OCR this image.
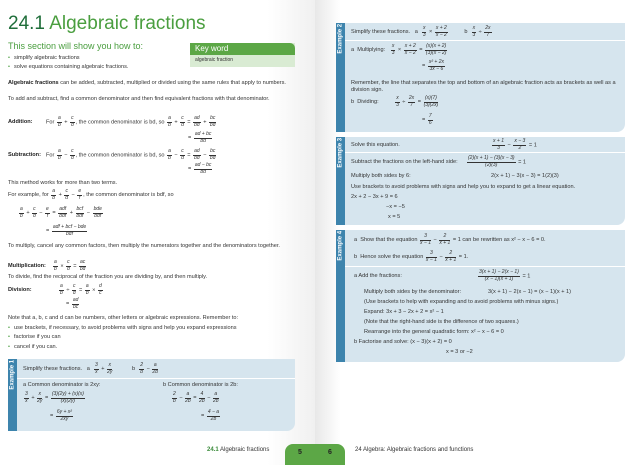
24.1 Algebraic fractions
This section will show you how to:
• simplify algebraic fractions
• solve equations containing algebraic fractions.
Key word
algebraic fraction
Algebraic fractions can be added, subtracted, multiplied or divided using the same rules that apply to numbers.
To add and subtract, find a common denominator and then find equivalent fractions with that denominator.
Addition:	For $\frac{a}{b} + \frac{c}{d}$ , the common denominator is bd, so $\frac{a}{b} + \frac{c}{d} = \frac{ad}{bd} + \frac{bc}{bd}$
= $\frac{ad + bc}{bd}$
Subtraction: For $\frac{a}{b} - \frac{c}{d}$ , the common denominator is bd, so $\frac{a}{b} - \frac{c}{d} = \frac{ad}{bd} - \frac{bc}{bd}$
= $\frac{ad - bc}{bd}$
This method works for more than two terms.
For example, for $\frac{a}{b} + \frac{c}{d} - \frac{e}{f}$ , the common denominator is bdf, so
$\frac{a}{b} + \frac{c}{d} - \frac{e}{f} = \frac{\text{adf}}{\text{bdf}} + \frac{\text{bcf}}{\text{bdf}} - \frac{\text{bde}}{\text{bdf}}$
= $\frac{\text{adf + bcf − bde}}{\text{bdf}}$
To multiply, cancel any common factors, then multiply the numerators together and the denominators together.
Multiplication:	$\frac{a}{b} \times \frac{c}{d} = \frac{ac}{bd}$
To divide, find the reciprocal of the fraction you are dividing by, and then multiply.
Division:	$\frac{a}{b} \div \frac{c}{d} = \frac{a}{b} \times \frac{d}{c}$
= $\frac{ad}{bc}$
Note that a, b, c and d can be numbers, other letters or algebraic expressions. Remember to:
• use brackets, if necessary, to avoid problems with signs and help you expand expressions
• factorise if you can
• cancel if you can.
Example 1 Simplify these fractions.   a $\frac{3}{x} + \frac{x}{2y}$ b $\frac{2}{b} - \frac{a}{2b}$
a Common denominator is 2xy:
$\frac{3}{x} + \frac{x}{2y} = \frac{(3)(2y) + (x)(x)}{(x)(2y)}$
= $\frac{\text{6y + x²}}{2xy}$
b Common denominator is 2b:
$\frac{2}{b} - \frac{a}{2b} = \frac{4}{2b} - \frac{a}{2b}$
= $\frac{4 - a}{2b}$
24.1 Algebraic fractions	5
Example 2 Simplify these fractions.   a $\frac{x}{3} \times \frac{x + 2}{x - 2}$ b $\frac{x}{3} \div \frac{2x}{7}$
a  Multiplying: $\frac{x}{3} \times \frac{x + 2}{x - 2} = \frac{(x)(x + 2)}{(3)(x - 2)}$
= $\frac{\text{x² + 2x}}{3x - 6}$
Remember, the line that separates the top and bottom of an algebraic fraction acts as brackets as well as a division sign.
b  Dividing: $\frac{x}{3} \div \frac{2x}{7} = \frac{(x)(7)}{(3)(2x)}$
= $\frac{7}{6}$
Example 3 Solve this equation.	$\frac{x + 1}{3} - \frac{x - 3}{2} = 1$
Subtract the fractions on the left-hand side:	$\frac{(2)(x + 1) - (3)(x - 3)}{(2)(3)} = 1$
Multiply both sides by 6:	2(x + 1) − 3(x − 3) = 1(2)(3)
Use brackets to avoid problems with signs and help you to expand to get a linear equation.
2x + 2 − 3x + 9 = 6
−x = −5
x = 5
Example 4 a  Show that the equation $\frac{3}{x - 1} - \frac{2}{x + 1} = 1$ can be rewritten as x² − x − 6 = 0.
b  Hence solve the equation $\frac{3}{x - 1} - \frac{2}{x + 1} = 1$.
a Add the fractions:	$\frac{3(x + 1) - 2(x - 1)}{(x - 1)(x + 1)} = 1$
Multiply both sides by the denominator:	3(x + 1) − 2(x − 1) = (x − 1)(x + 1)
(Use brackets to help with expanding and to avoid problems with minus signs.)
Expand: 3x + 3 − 2x + 2 = x² − 1
(Note that the right-hand side is the difference of two squares.)
Rearrange into the general quadratic form: x² − x − 6 = 0
b Factorise and solve: (x − 3)(x + 2) = 0
x = 3 or −2
6	24 Algebra: Algebraic fractions and functions
